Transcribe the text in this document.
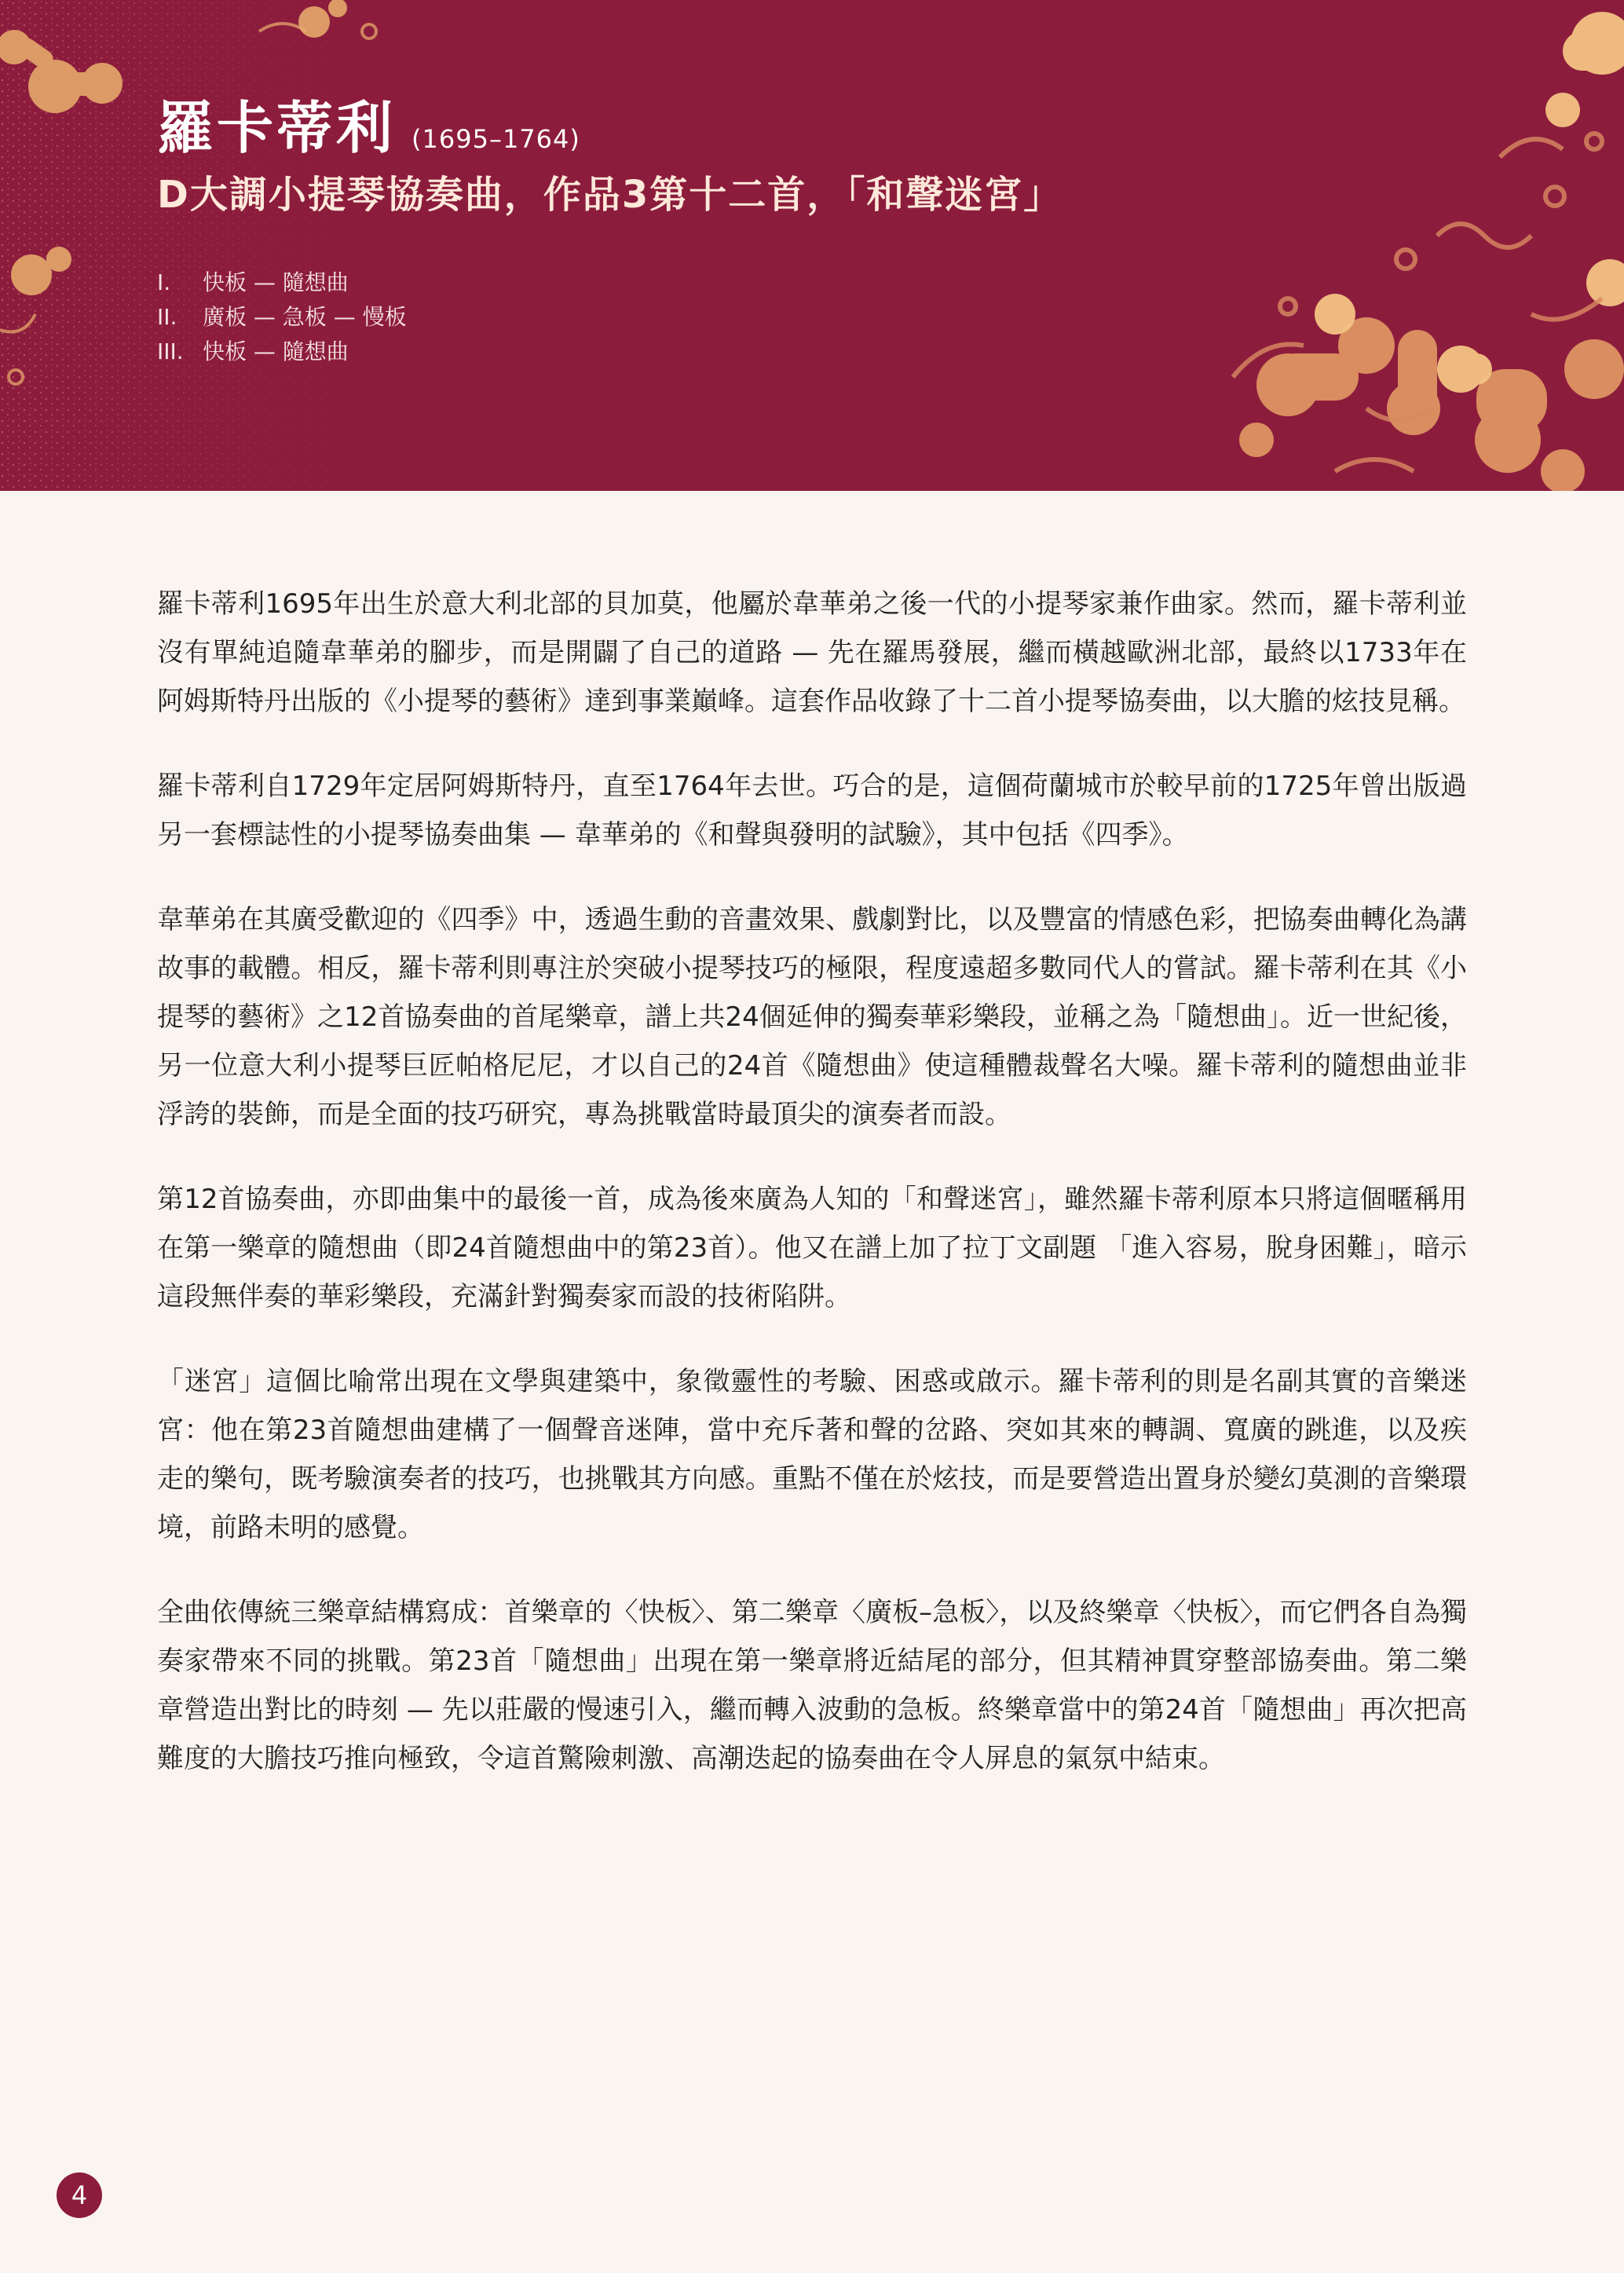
羅卡蒂利 (1695–1764)
D大調小提琴協奏曲，作品3第十二首，「和聲迷宮」
I. 快板 — 隨想曲
II. 廣板 — 急板 — 慢板
III. 快板 — 隨想曲

羅卡蒂利1695年出生於意大利北部的貝加莫，他屬於韋華弟之後一代的小提琴家兼作曲家。然而，羅卡蒂利並沒有單純追隨韋華弟的腳步，而是開闢了自己的道路 — 先在羅馬發展，繼而橫越歐洲北部，最終以1733年在阿姆斯特丹出版的《小提琴的藝術》達到事業巔峰。這套作品收錄了十二首小提琴協奏曲，以大膽的炫技見稱。

羅卡蒂利自1729年定居阿姆斯特丹，直至1764年去世。巧合的是，這個荷蘭城市於較早前的1725年曾出版過另一套標誌性的小提琴協奏曲集 — 韋華弟的《和聲與發明的試驗》，其中包括《四季》。

韋華弟在其廣受歡迎的《四季》中，透過生動的音畫效果、戲劇對比，以及豐富的情感色彩，把協奏曲轉化為講故事的載體。相反，羅卡蒂利則專注於突破小提琴技巧的極限，程度遠超多數同代人的嘗試。羅卡蒂利在其《小提琴的藝術》之12首協奏曲的首尾樂章，譜上共24個延伸的獨奏華彩樂段，並稱之為「隨想曲」。近一世紀後，另一位意大利小提琴巨匠帕格尼尼，才以自己的24首《隨想曲》使這種體裁聲名大噪。羅卡蒂利的隨想曲並非浮誇的裝飾，而是全面的技巧研究，專為挑戰當時最頂尖的演奏者而設。

第12首協奏曲，亦即曲集中的最後一首，成為後來廣為人知的「和聲迷宮」，雖然羅卡蒂利原本只將這個暱稱用在第一樂章的隨想曲（即24首隨想曲中的第23首）。他又在譜上加了拉丁文副題 「進入容易，脫身困難」，暗示這段無伴奏的華彩樂段，充滿針對獨奏家而設的技術陷阱。

「迷宮」這個比喻常出現在文學與建築中，象徵靈性的考驗、困惑或啟示。羅卡蒂利的則是名副其實的音樂迷宮：他在第23首隨想曲建構了一個聲音迷陣，當中充斥著和聲的岔路、突如其來的轉調、寬廣的跳進，以及疾走的樂句，既考驗演奏者的技巧，也挑戰其方向感。重點不僅在於炫技，而是要營造出置身於變幻莫測的音樂環境，前路未明的感覺。

全曲依傳統三樂章結構寫成：首樂章的〈快板〉、第二樂章〈廣板–急板〉，以及終樂章〈快板〉，而它們各自為獨奏家帶來不同的挑戰。第23首「隨想曲」出現在第一樂章將近結尾的部分，但其精神貫穿整部協奏曲。第二樂章營造出對比的時刻 — 先以莊嚴的慢速引入，繼而轉入波動的急板。終樂章當中的第24首「隨想曲」再次把高難度的大膽技巧推向極致，令這首驚險刺激、高潮迭起的協奏曲在令人屏息的氣氛中結束。

4
